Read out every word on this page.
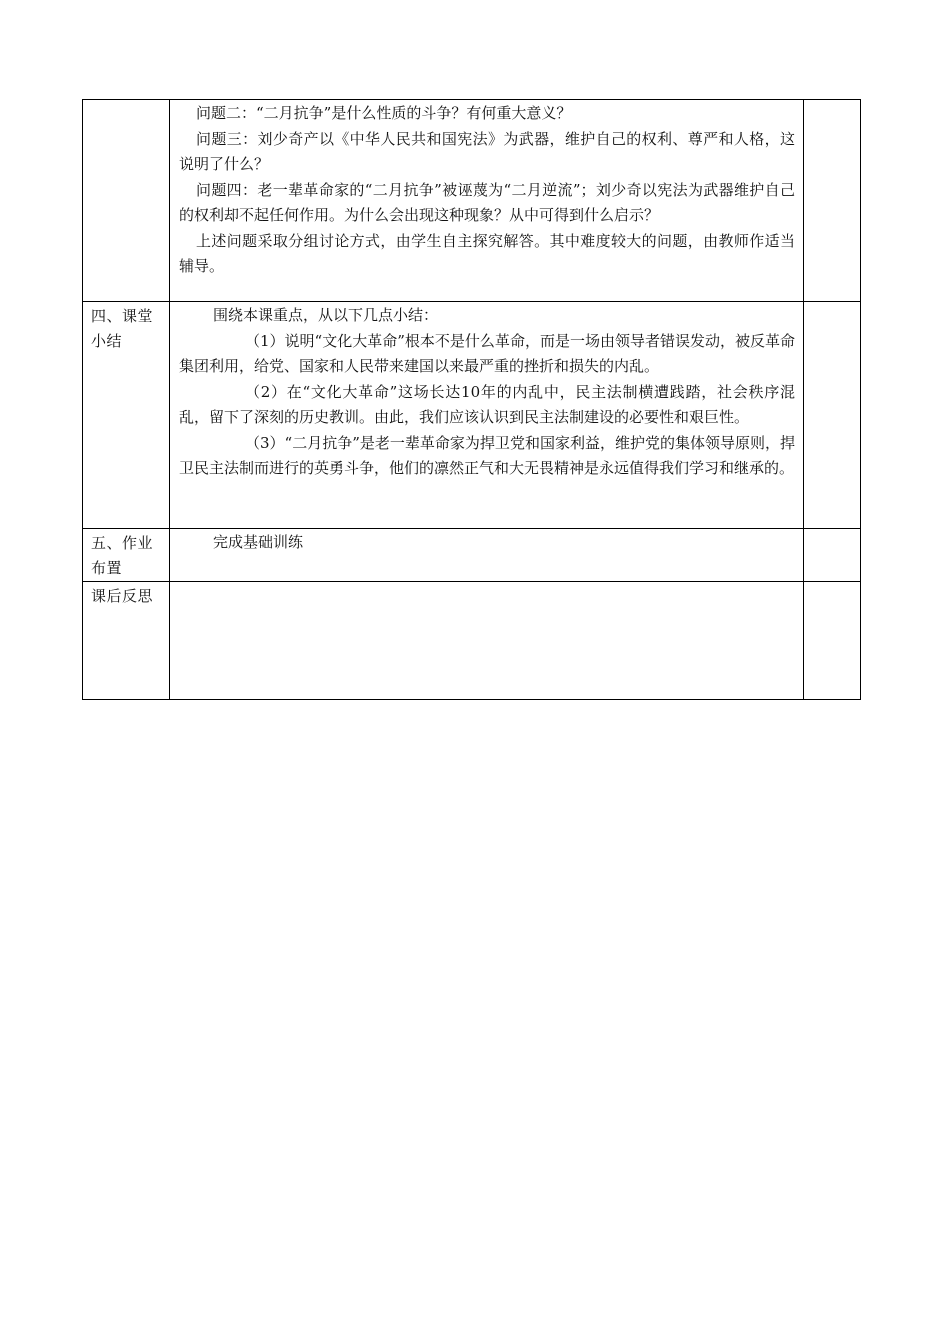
	问题二：“二月抗争”是什么性质的斗争？有何重大意义？

问题三：刘少奇产以《中华人民共和国宪法》为武器，维护自己的权利、尊严和人格，这说明了什么？

问题四：老一辈革命家的“二月抗争”被诬蔑为“二月逆流”；刘少奇以宪法为武器维护自己的权利却不起任何作用。为什么会出现这种现象？从中可得到什么启示？

上述问题采取分组讨论方式，由学生自主探究解答。其中难度较大的问题，由教师作适当辅导。	

四、课堂小结	围绕本课重点，从以下几点小结：

（1）说明“文化大革命”根本不是什么革命，而是一场由领导者错误发动，被反革命集团利用，给党、国家和人民带来建国以来最严重的挫折和损失的内乱。

（2）在“文化大革命”这场长达10年的内乱中，民主法制横遭践踏，社会秩序混乱，留下了深刻的历史教训。由此，我们应该认识到民主法制建设的必要性和艰巨性。

（3）“二月抗争”是老一辈革命家为捍卫党和国家利益，维护党的集体领导原则，捍卫民主法制而进行的英勇斗争，他们的凛然正气和大无畏精神是永远值得我们学习和继承的。	

五、作业布置	完成基础训练	

课后反思	
